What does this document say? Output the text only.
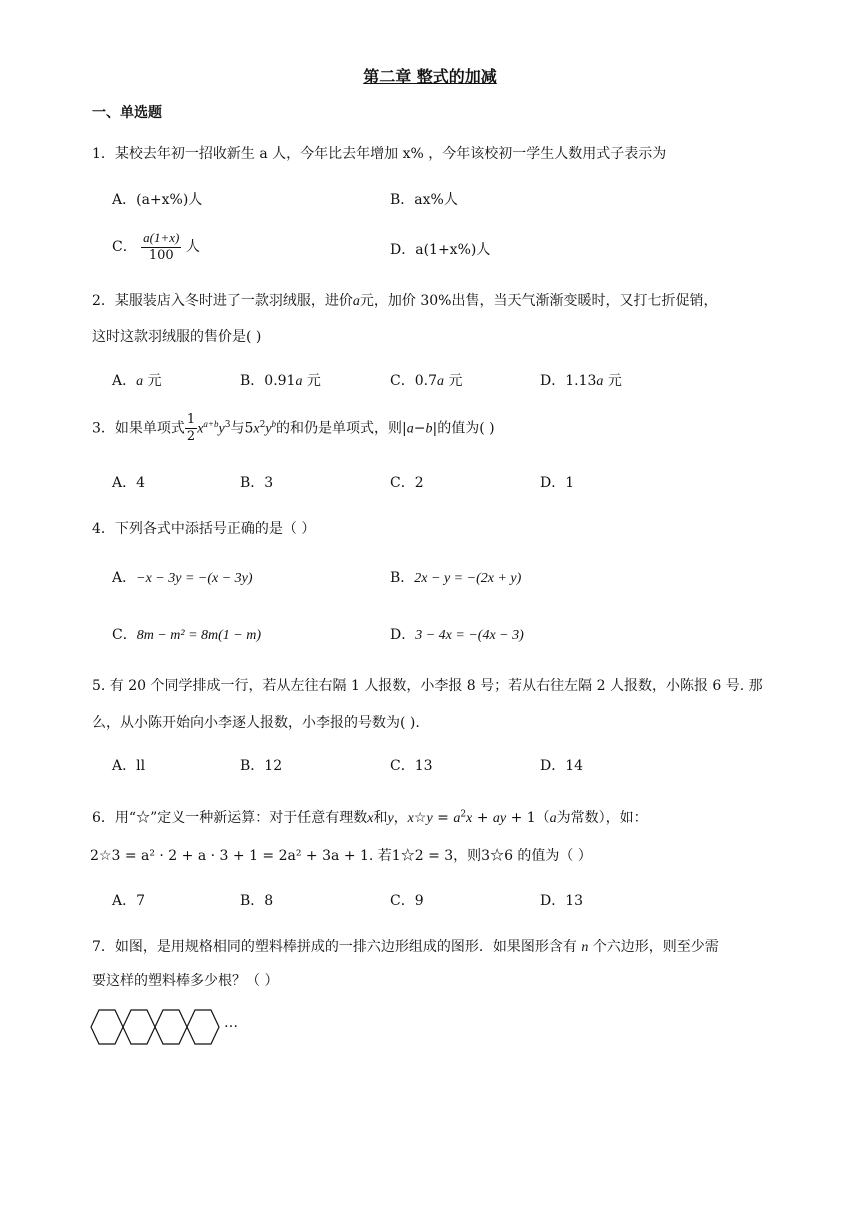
第二章 整式的加减
一、单选题
1．某校去年初一招收新生 a 人，今年比去年增加 x% ，今年该校初一学生人数用式子表示为
A．(a+x%)人	B．ax%人
C． $\frac{a(1+x)}{100}$ 人	D．a(1+x%)人
2．某服装店入冬时进了一款羽绒服，进价a元，加价 30%出售，当天气渐渐变暖时，又打七折促销，
这时这款羽绒服的售价是( )
A．a 元	B．0.91a 元	C．0.7a 元	D．1.13a 元
3．如果单项式 $\frac{1}{2} x^{a+b}y^3$与$5x^2y^b$的和仍是单项式，则|a−b|的值为( )
A．4	B．3	C．2	D．1
4．下列各式中添括号正确的是（ ）
A．−x − 3y = −(x − 3y)	B．2x − y = −(2x + y)
C．8m − m² = 8m(1 − m)	D．3 − 4x = −(4x − 3)
5. 有 20 个同学排成一行，若从左往右隔 1 人报数，小李报 8 号；若从右往左隔 2 人报数，小陈报 6 号. 那
么，从小陈开始向小李逐人报数，小李报的号数为( ).
A．ll	B．12	C．13	D．14
6．用“☆”定义一种新运算：对于任意有理数x和y，x☆y = $a^2x$ + ay + 1（a为常数），如：
2☆3 = a² · 2 + a · 3 + 1 = 2a² + 3a + 1. 若1☆2 = 3，则3☆6 的值为（ ）
A．7	B．8	C．9	D．13
7．如图，是用规格相同的塑料棒拼成的一排六边形组成的图形．如果图形含有 n 个六边形，则至少需
要这样的塑料棒多少根？（ ）
…
